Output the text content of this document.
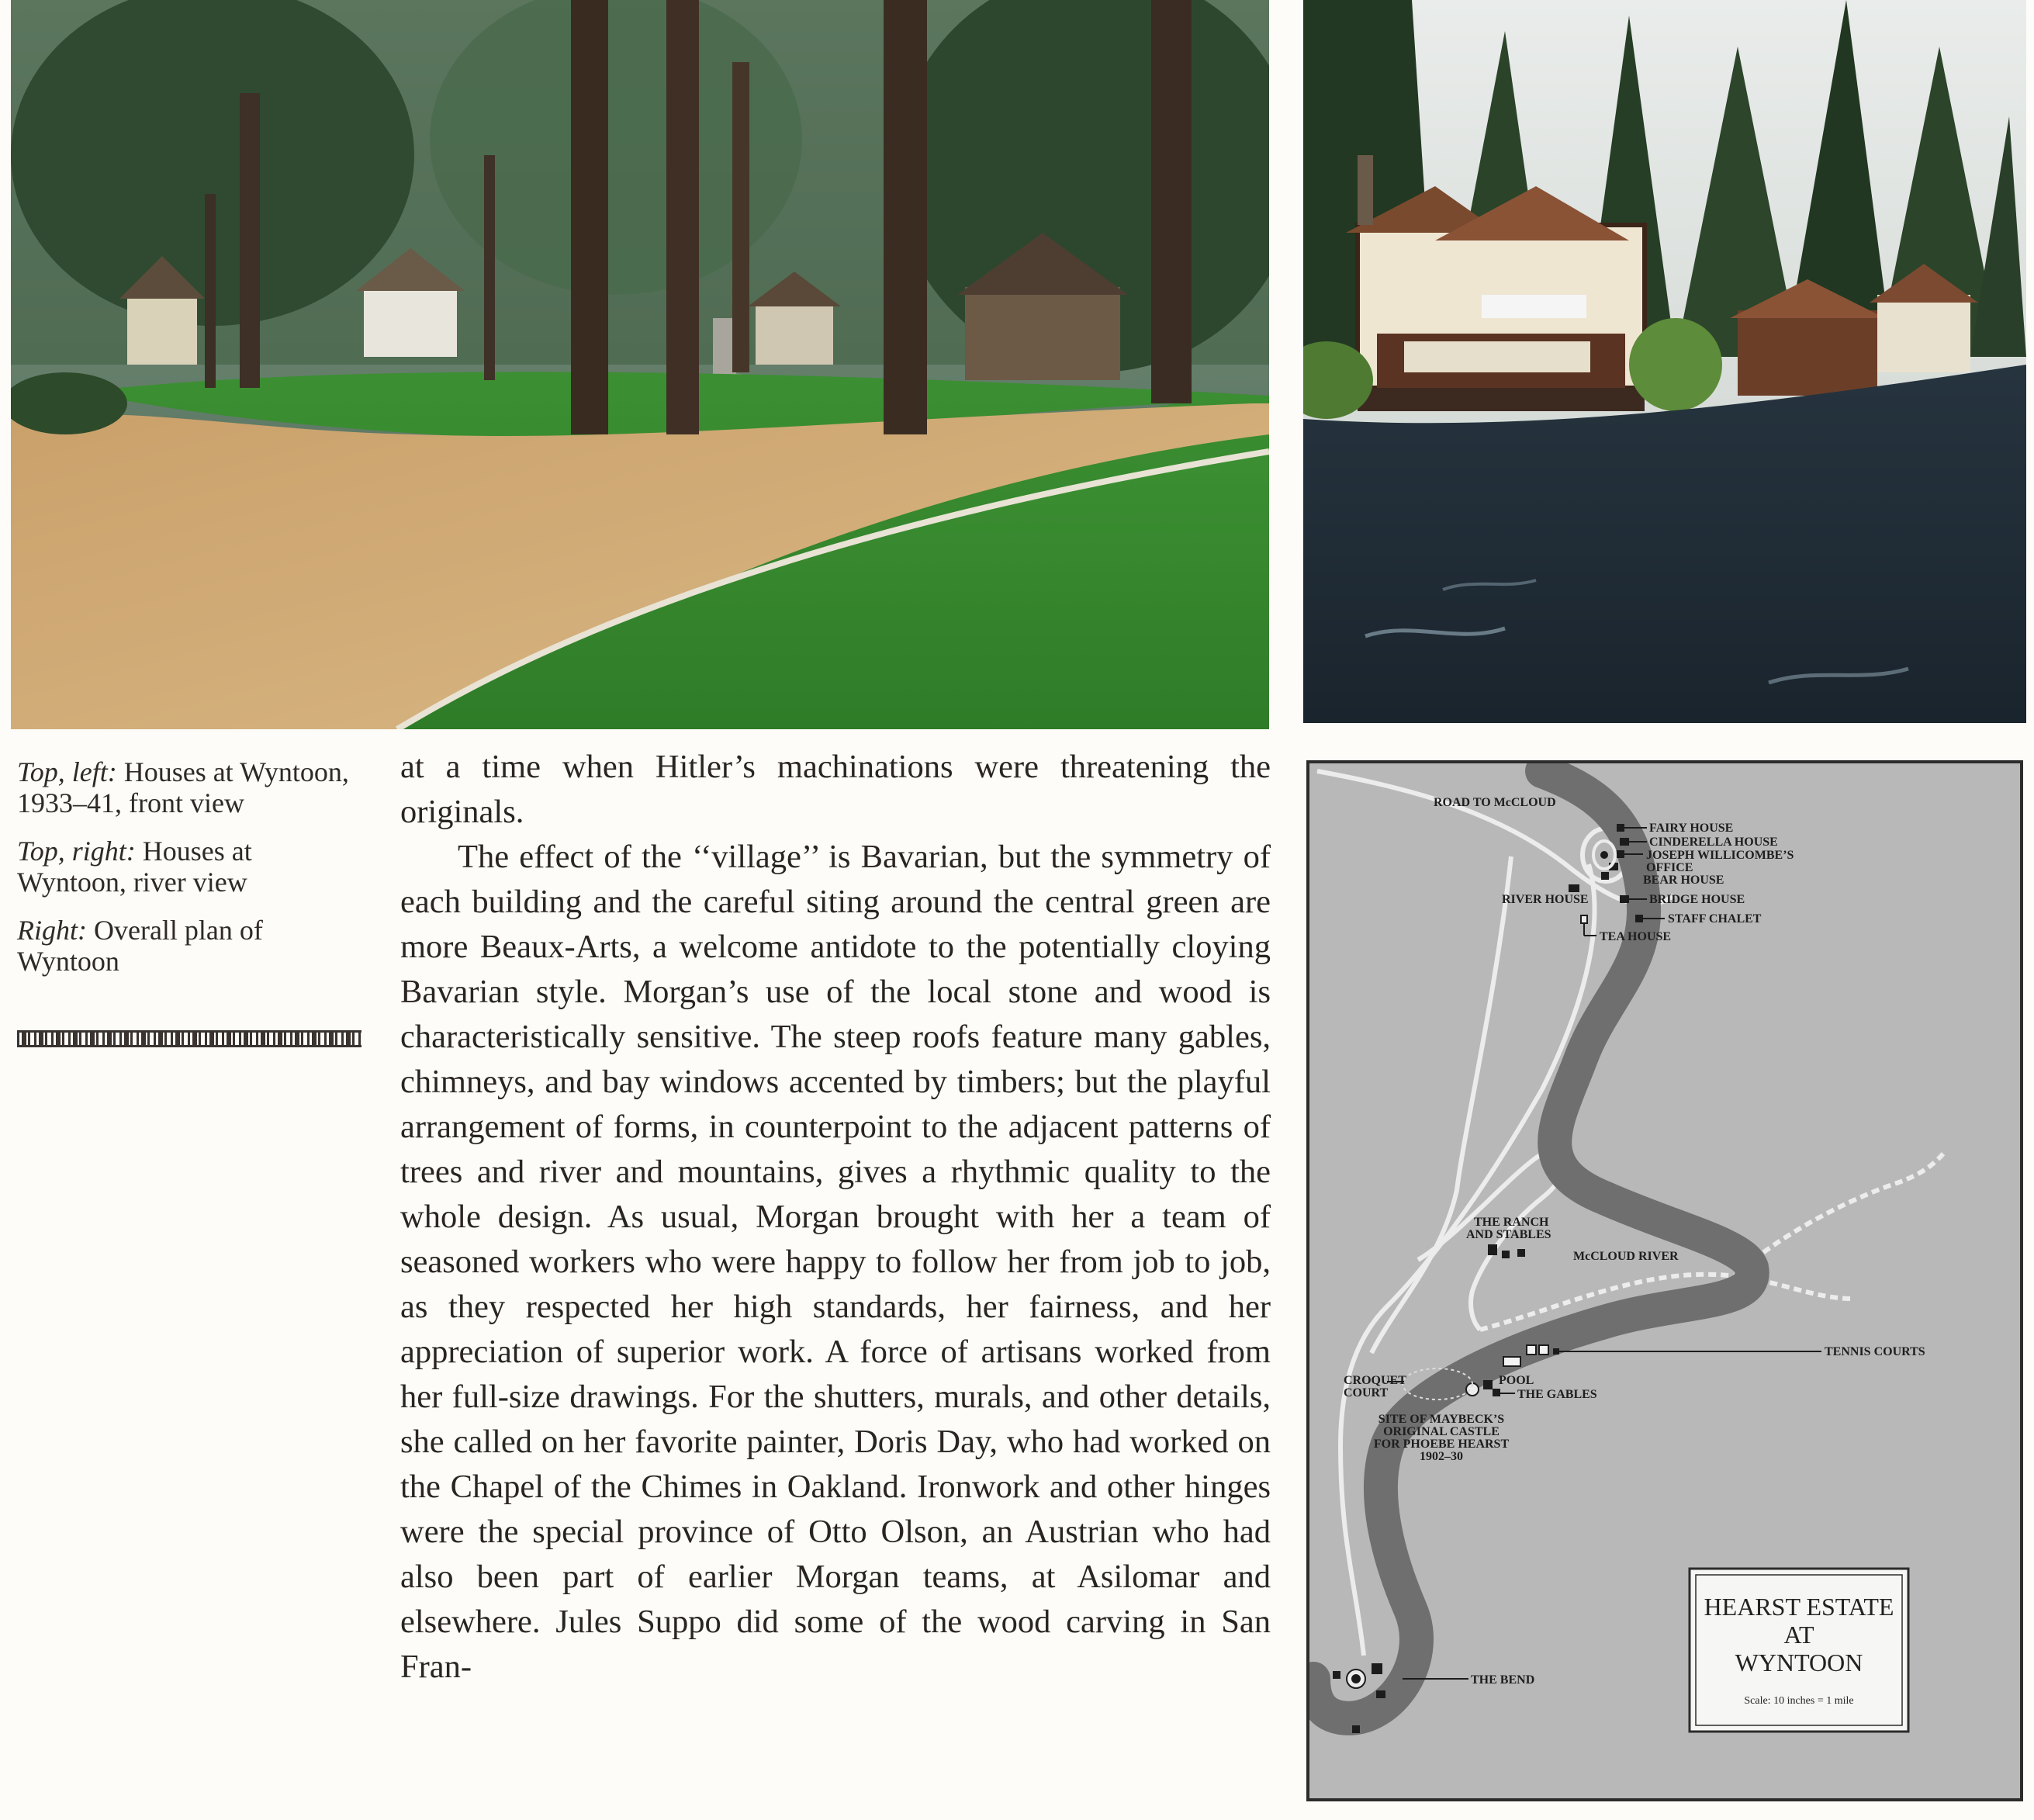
Top, left: Houses at Wyntoon, 1933–41, front view

Top, right: Houses at Wyntoon, river view

Right: Overall plan of Wyntoon

at a time when Hitler’s machinations were threatening the originals.

The effect of the ‘‘village’’ is Bavarian, but the symmetry of each building and the careful siting around the central green are more Beaux-Arts, a welcome antidote to the potentially cloying Bavarian style. Morgan’s use of the local stone and wood is characteristically sensitive. The steep roofs feature many gables, chimneys, and bay windows accented by timbers; but the playful arrangement of forms, in counterpoint to the adjacent patterns of trees and river and mountains, gives a rhythmic quality to the whole design. As usual, Morgan brought with her a team of seasoned workers who were happy to follow her from job to job, as they respected her high standards, her fairness, and her appreciation of superior work. A force of artisans worked from her full-size drawings. For the shutters, murals, and other details, she called on her favorite painter, Doris Day, who had worked on the Chapel of the Chimes in Oakland. Ironwork and other hinges were the special province of Otto Olson, an Austrian who had also been part of earlier Morgan teams, at Asilomar and elsewhere. Jules Suppo did some of the wood carving in San Fran-

ROAD TO McCLOUD
FAIRY HOUSE
CINDERELLA HOUSE
JOSEPH WILLICOMBE’S
OFFICE
BEAR HOUSE
RIVER HOUSE	BRIDGE HOUSE
STAFF CHALET
TEA HOUSE
THE RANCH
AND STABLES
McCLOUD RIVER
TENNIS COURTS
CROQUET
COURT
POOL
THE GABLES
SITE OF MAYBECK’S
ORIGINAL CASTLE
FOR PHOEBE HEARST
1902–30
THE BEND
HEARST ESTATE
AT
WYNTOON
Scale: 10 inches = 1 mile
